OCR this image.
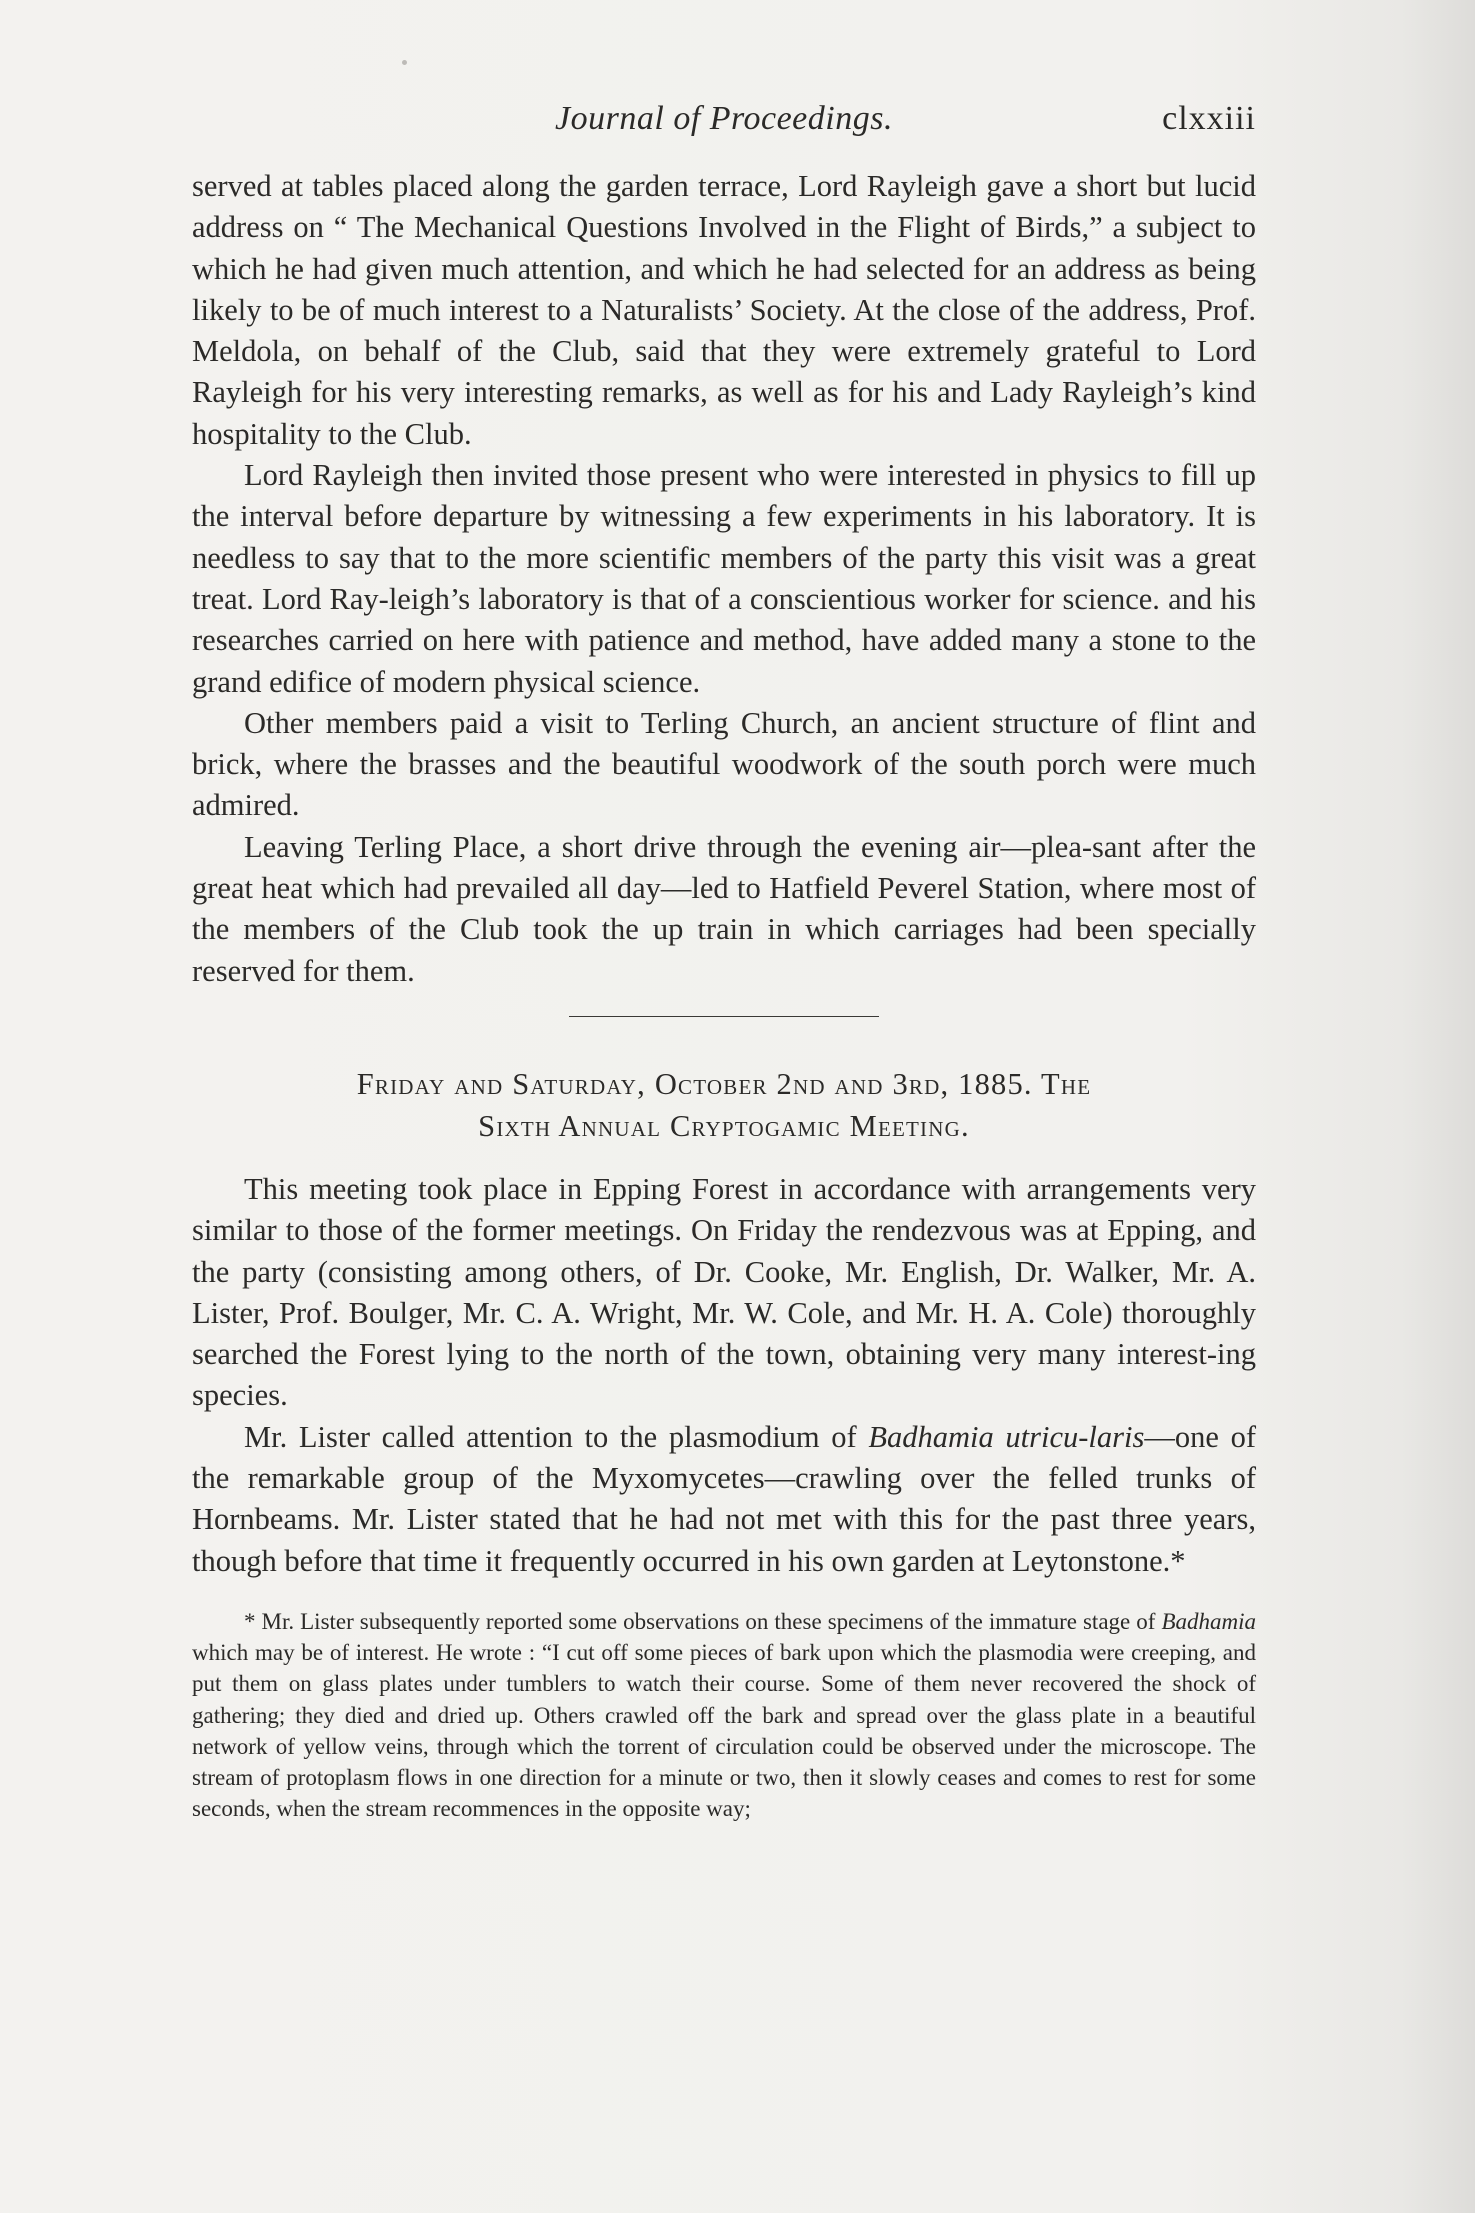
Journal of Proceedings.	clxxiii

served at tables placed along the garden terrace, Lord Rayleigh gave a short but lucid address on “ The Mechanical Questions Involved in the Flight of Birds,” a subject to which he had given much attention, and which he had selected for an address as being likely to be of much interest to a Naturalists’ Society. At the close of the address, Prof. Meldola, on behalf of the Club, said that they were extremely grateful to Lord Rayleigh for his very interesting remarks, as well as for his and Lady Rayleigh’s kind hospitality to the Club.

Lord Rayleigh then invited those present who were interested in physics to fill up the interval before departure by witnessing a few experiments in his laboratory. It is needless to say that to the more scientific members of the party this visit was a great treat. Lord Ray-leigh’s laboratory is that of a conscientious worker for science. and his researches carried on here with patience and method, have added many a stone to the grand edifice of modern physical science.

Other members paid a visit to Terling Church, an ancient structure of flint and brick, where the brasses and the beautiful woodwork of the south porch were much admired.

Leaving Terling Place, a short drive through the evening air—plea-sant after the great heat which had prevailed all day—led to Hatfield Peverel Station, where most of the members of the Club took the up train in which carriages had been specially reserved for them.

Friday and Saturday, October 2nd and 3rd, 1885. The
Sixth Annual Cryptogamic Meeting.

This meeting took place in Epping Forest in accordance with arrangements very similar to those of the former meetings. On Friday the rendezvous was at Epping, and the party (consisting among others, of Dr. Cooke, Mr. English, Dr. Walker, Mr. A. Lister, Prof. Boulger, Mr. C. A. Wright, Mr. W. Cole, and Mr. H. A. Cole) thoroughly searched the Forest lying to the north of the town, obtaining very many interest-ing species.

Mr. Lister called attention to the plasmodium of Badhamia utricu-laris—one of the remarkable group of the Myxomycetes—crawling over the felled trunks of Hornbeams. Mr. Lister stated that he had not met with this for the past three years, though before that time it frequently occurred in his own garden at Leytonstone.*

* Mr. Lister subsequently reported some observations on these specimens of the immature stage of Badhamia which may be of interest. He wrote : “I cut off some pieces of bark upon which the plasmodia were creeping, and put them on glass plates under tumblers to watch their course. Some of them never recovered the shock of gathering; they died and dried up. Others crawled off the bark and spread over the glass plate in a beautiful network of yellow veins, through which the torrent of circulation could be observed under the microscope. The stream of protoplasm flows in one direction for a minute or two, then it slowly ceases and comes to rest for some seconds, when the stream recommences in the opposite way;
